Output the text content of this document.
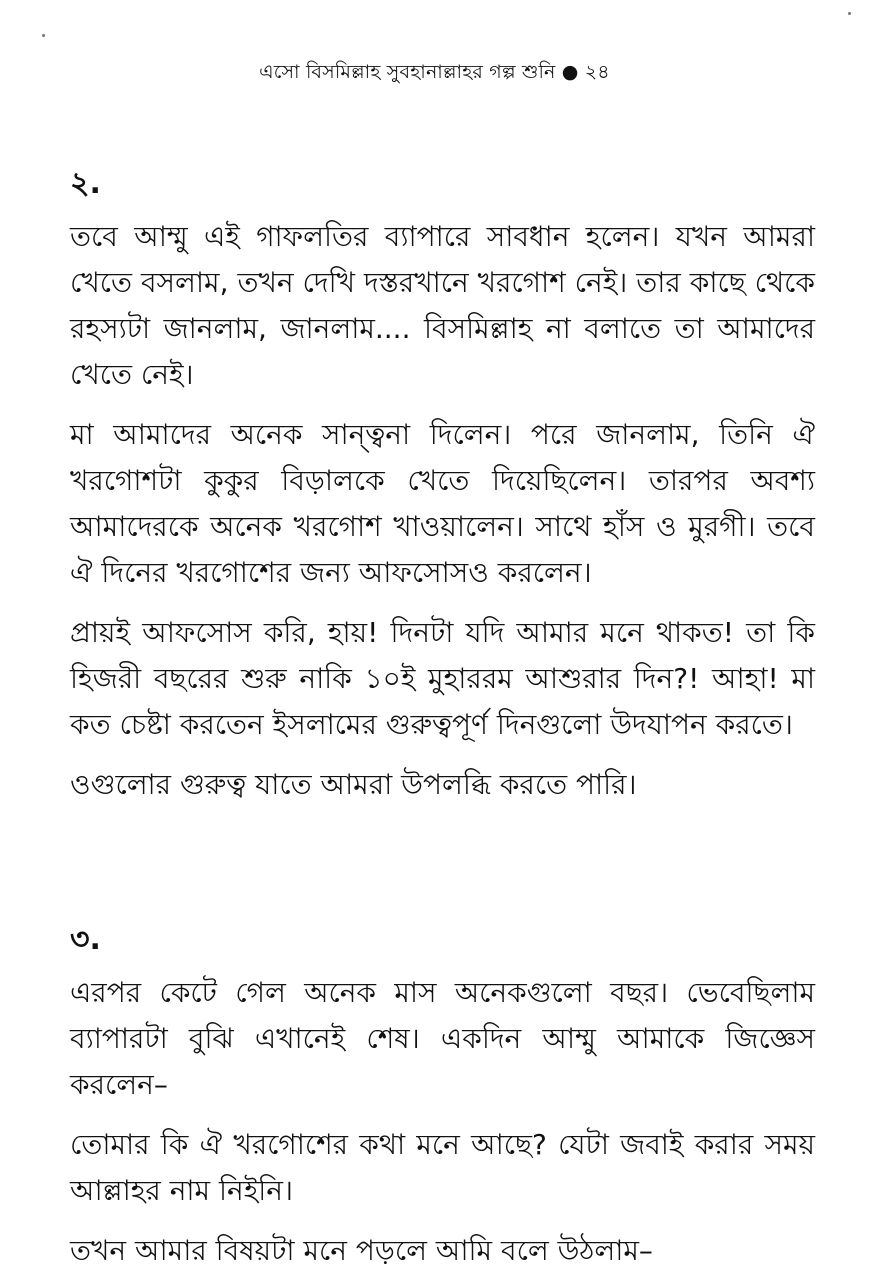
এসো বিসমিল্লাহ সুবহানাল্লাহর গল্প শুনি ● ২৪
২.

তবে আম্মু এই গাফলতির ব্যাপারে সাবধান হলেন। যখন আমরা খেতে বসলাম, তখন দেখি দস্তরখানে খরগোশ নেই। তার কাছে থেকে রহস্যটা জানলাম, জানলাম.... বিসমিল্লাহ না বলাতে তা আমাদের খেতে নেই।

মা আমাদের অনেক সান্ত্বনা দিলেন। পরে জানলাম, তিনি ঐ খরগোশটা কুকুর বিড়ালকে খেতে দিয়েছিলেন। তারপর অবশ্য আমাদেরকে অনেক খরগোশ খাওয়ালেন। সাথে হাঁস ও মুরগী। তবে ঐ দিনের খরগোশের জন্য আফসোসও করলেন।

প্রায়ই আফসোস করি, হায়! দিনটা যদি আমার মনে থাকত! তা কি হিজরী বছরের শুরু নাকি ১০ই মুহাররম আশুরার দিন?! আহা! মা কত চেষ্টা করতেন ইসলামের গুরুত্বপূর্ণ দিনগুলো উদযাপন করতে।

ওগুলোর গুরুত্ব যাতে আমরা উপলব্ধি করতে পারি।

৩.

এরপর কেটে গেল অনেক মাস অনেকগুলো বছর। ভেবেছিলাম ব্যাপারটা বুঝি এখানেই শেষ। একদিন আম্মু আমাকে জিজ্ঞেস করলেন–

তোমার কি ঐ খরগোশের কথা মনে আছে? যেটা জবাই করার সময় আল্লাহর নাম নিইনি।

তখন আমার বিষয়টা মনে পড়লে আমি বলে উঠলাম–
